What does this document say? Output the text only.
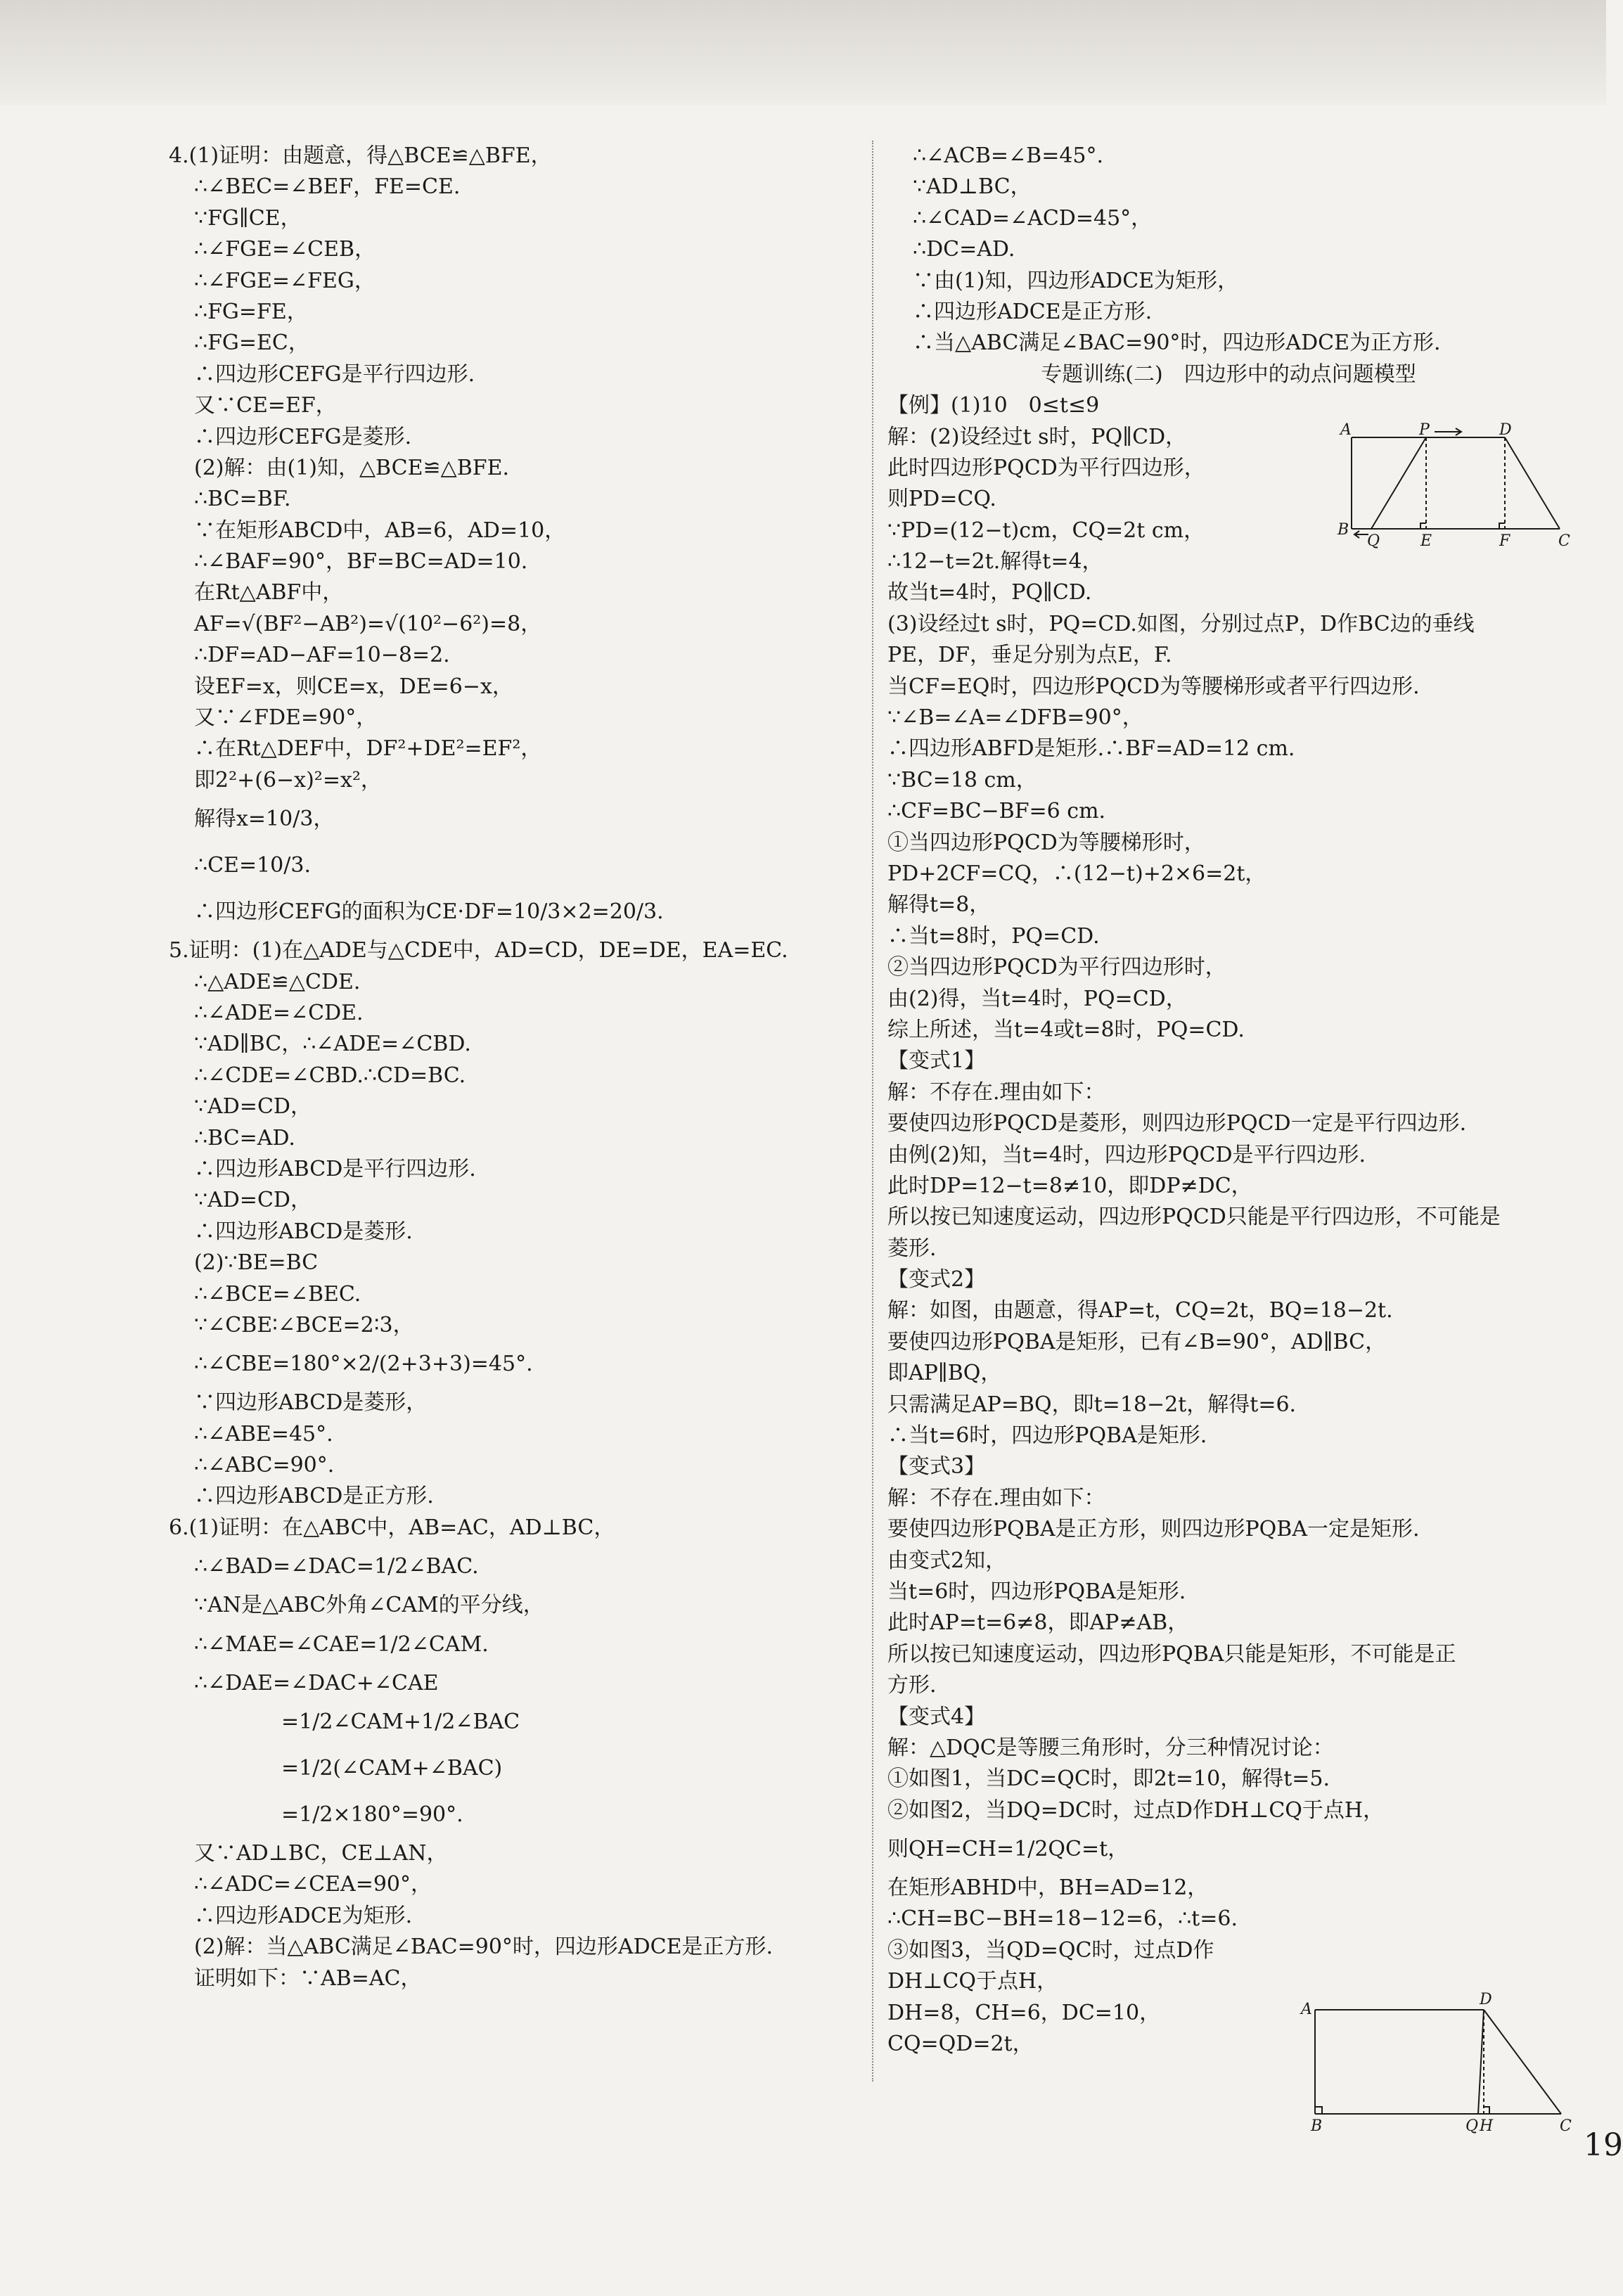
4.(1)证明：由题意，得△BCE≌△BFE，
∴∠BEC=∠BEF，FE=CE.
∵FG∥CE，
∴∠FGE=∠CEB，
∴∠FGE=∠FEG，
∴FG=FE，
∴FG=EC，
∴四边形CEFG是平行四边形.
又∵CE=EF，
∴四边形CEFG是菱形.
(2)解：由(1)知，△BCE≌△BFE.
∴BC=BF.
∵在矩形ABCD中，AB=6，AD=10，
∴∠BAF=90°，BF=BC=AD=10.
在Rt△ABF中，
AF=√(BF²−AB²)=√(10²−6²)=8，
∴DF=AD−AF=10−8=2.
设EF=x，则CE=x，DE=6−x，
又∵∠FDE=90°，
∴在Rt△DEF中，DF²+DE²=EF²，
即2²+(6−x)²=x²，
解得x=10/3，
∴CE=10/3.
∴四边形CEFG的面积为CE·DF=10/3×2=20/3.
5.证明：(1)在△ADE与△CDE中，AD=CD，DE=DE，EA=EC.
∴△ADE≌△CDE.
∴∠ADE=∠CDE.
∵AD∥BC，∴∠ADE=∠CBD.
∴∠CDE=∠CBD.∴CD=BC.
∵AD=CD，
∴BC=AD.
∴四边形ABCD是平行四边形.
∵AD=CD，
∴四边形ABCD是菱形.
(2)∵BE=BC
∴∠BCE=∠BEC.
∵∠CBE∶∠BCE=2∶3，
∴∠CBE=180°×2/(2+3+3)=45°.
∵四边形ABCD是菱形，
∴∠ABE=45°.
∴∠ABC=90°.
∴四边形ABCD是正方形.
6.(1)证明：在△ABC中，AB=AC，AD⊥BC，
∴∠BAD=∠DAC=1/2∠BAC.
∵AN是△ABC外角∠CAM的平分线，
∴∠MAE=∠CAE=1/2∠CAM.
∴∠DAE=∠DAC+∠CAE
=1/2∠CAM+1/2∠BAC
=1/2(∠CAM+∠BAC)
=1/2×180°=90°.
又∵AD⊥BC，CE⊥AN，
∴∠ADC=∠CEA=90°，
∴四边形ADCE为矩形.
(2)解：当△ABC满足∠BAC=90°时，四边形ADCE是正方形.
证明如下：∵AB=AC，
∴∠ACB=∠B=45°.
∵AD⊥BC，
∴∠CAD=∠ACD=45°，
∴DC=AD.
∵由(1)知，四边形ADCE为矩形，
∴四边形ADCE是正方形.
∴当△ABC满足∠BAC=90°时，四边形ADCE为正方形.
专题训练(二)　四边形中的动点问题模型
【例】(1)10　0≤t≤9
解：(2)设经过t s时，PQ∥CD，
此时四边形PQCD为平行四边形，
则PD=CQ.
∵PD=(12−t)cm，CQ=2t cm，
∴12−t=2t.解得t=4，
故当t=4时，PQ∥CD.
(3)设经过t s时，PQ=CD.如图，分别过点P，D作BC边的垂线
PE，DF，垂足分别为点E，F.
当CF=EQ时，四边形PQCD为等腰梯形或者平行四边形.
∵∠B=∠A=∠DFB=90°，
∴四边形ABFD是矩形.∴BF=AD=12 cm.
∵BC=18 cm，
∴CF=BC−BF=6 cm.
①当四边形PQCD为等腰梯形时，
PD+2CF=CQ，∴(12−t)+2×6=2t，
解得t=8，
∴当t=8时，PQ=CD.
②当四边形PQCD为平行四边形时，
由(2)得，当t=4时，PQ=CD，
综上所述，当t=4或t=8时，PQ=CD.
【变式1】
解：不存在.理由如下：
要使四边形PQCD是菱形，则四边形PQCD一定是平行四边形.
由例(2)知，当t=4时，四边形PQCD是平行四边形.
此时DP=12−t=8≠10，即DP≠DC，
所以按已知速度运动，四边形PQCD只能是平行四边形，不可能是
菱形.
【变式2】
解：如图，由题意，得AP=t，CQ=2t，BQ=18−2t.
要使四边形PQBA是矩形，已有∠B=90°，AD∥BC，
即AP∥BQ，
只需满足AP=BQ，即t=18−2t，解得t=6.
∴当t=6时，四边形PQBA是矩形.
【变式3】
解：不存在.理由如下：
要使四边形PQBA是正方形，则四边形PQBA一定是矩形.
由变式2知，
当t=6时，四边形PQBA是矩形.
此时AP=t=6≠8，即AP≠AB，
所以按已知速度运动，四边形PQBA只能是矩形，不可能是正
方形.
【变式4】
解：△DQC是等腰三角形时，分三种情况讨论：
①如图1，当DC=QC时，即2t=10，解得t=5.
②如图2，当DQ=DC时，过点D作DH⊥CQ于点H，
则QH=CH=1/2QC=t，
在矩形ABHD中，BH=AD=12，
∴CH=BC−BH=18−12=6，∴t=6.
③如图3，当QD=QC时，过点D作
DH⊥CQ于点H，
DH=8，CH=6，DC=10，
CQ=QD=2t，
A	P	D
B
Q	E	F	C
A
D
B	Q H	C
19
